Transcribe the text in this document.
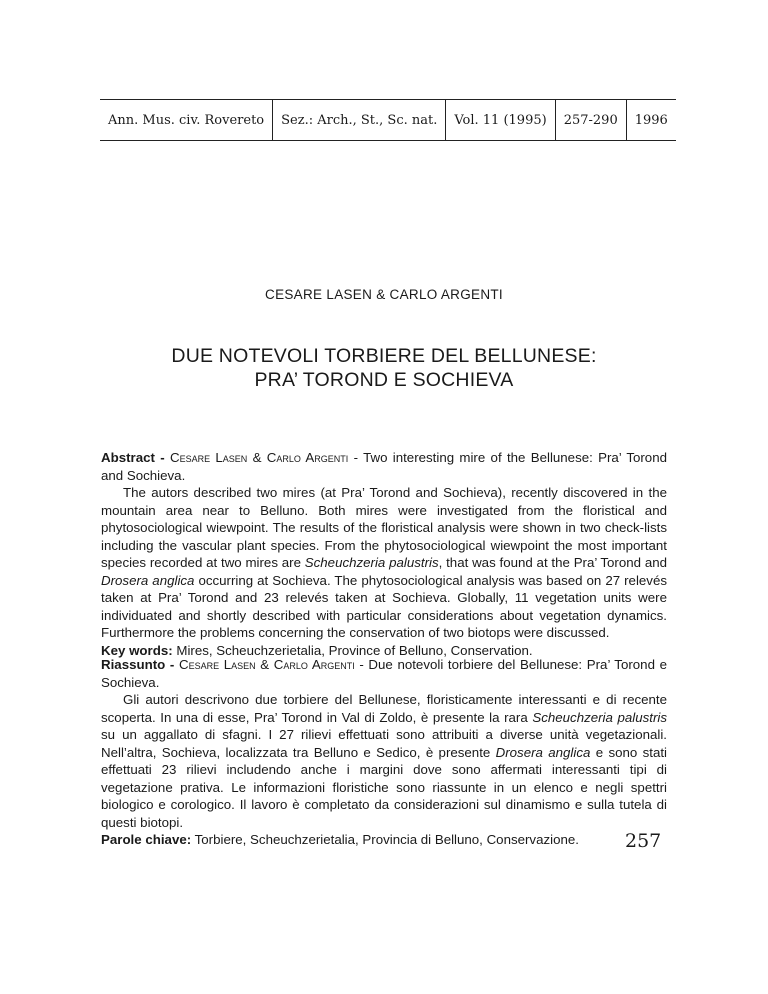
Ann. Mus. civ. Rovereto	Sez.: Arch., St., Sc. nat.	Vol. 11 (1995)	257-290	1996
CESARE LASEN & CARLO ARGENTI
DUE NOTEVOLI TORBIERE DEL BELLUNESE:
PRA’ TOROND E SOCHIEVA

Abstract - Cesare Lasen & Carlo Argenti - Two interesting mire of the Bellunese: Pra’ Torond and Sochieva.

The autors described two mires (at Pra’ Torond and Sochieva), recently discovered in the mountain area near to Belluno. Both mires were investigated from the floristical and phytosociological wiewpoint. The results of the floristical analysis were shown in two check-lists including the vascular plant species. From the phytosociological wiewpoint the most important species recorded at two mires are Scheuchzeria palustris, that was found at the Pra’ Torond and Drosera anglica occurring at Sochieva. The phytosociological analysis was based on 27 relevés taken at Pra’ Torond and 23 relevés taken at Sochieva. Globally, 11 vegetation units were individuated and shortly described with particular considerations about vegetation dynamics. Furthermore the problems concerning the conservation of two biotops were discussed.

Key words: Mires, Scheuchzerietalia, Province of Belluno, Conservation.

Riassunto - Cesare Lasen & Carlo Argenti - Due notevoli torbiere del Bellunese: Pra’ Torond e Sochieva.

Gli autori descrivono due torbiere del Bellunese, floristicamente interessanti e di recente scoperta. In una di esse, Pra’ Torond in Val di Zoldo, è presente la rara Scheuchzeria palustris su un aggallato di sfagni. I 27 rilievi effettuati sono attribuiti a diverse unità vegetazionali. Nell’altra, Sochieva, localizzata tra Belluno e Sedico, è presente Drosera anglica e sono stati effettuati 23 rilievi includendo anche i margini dove sono affermati interessanti tipi di vegetazione prativa. Le informazioni floristiche sono riassunte in un elenco e negli spettri biologico e corologico. Il lavoro è completato da considerazioni sul dinamismo e sulla tutela di questi biotopi.

Parole chiave: Torbiere, Scheuchzerietalia, Provincia di Belluno, Conservazione.	257
